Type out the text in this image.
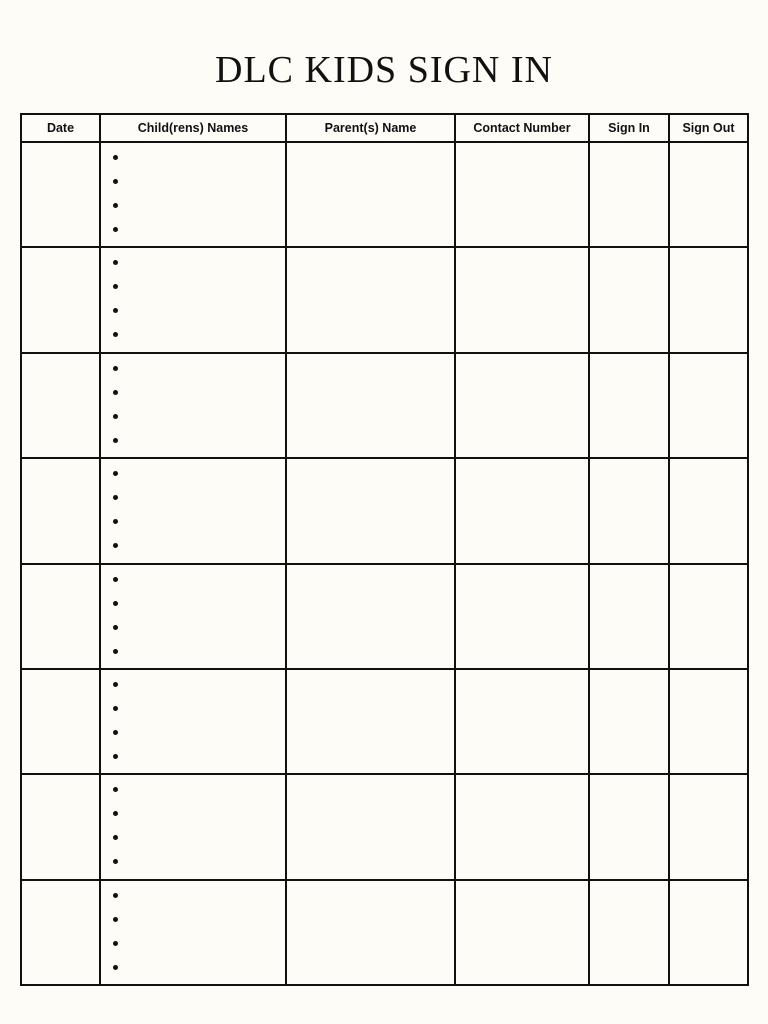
DLC KIDS SIGN IN
Date	Child(rens) Names	Parent(s) Name	Contact Number	Sign In	Sign Out
